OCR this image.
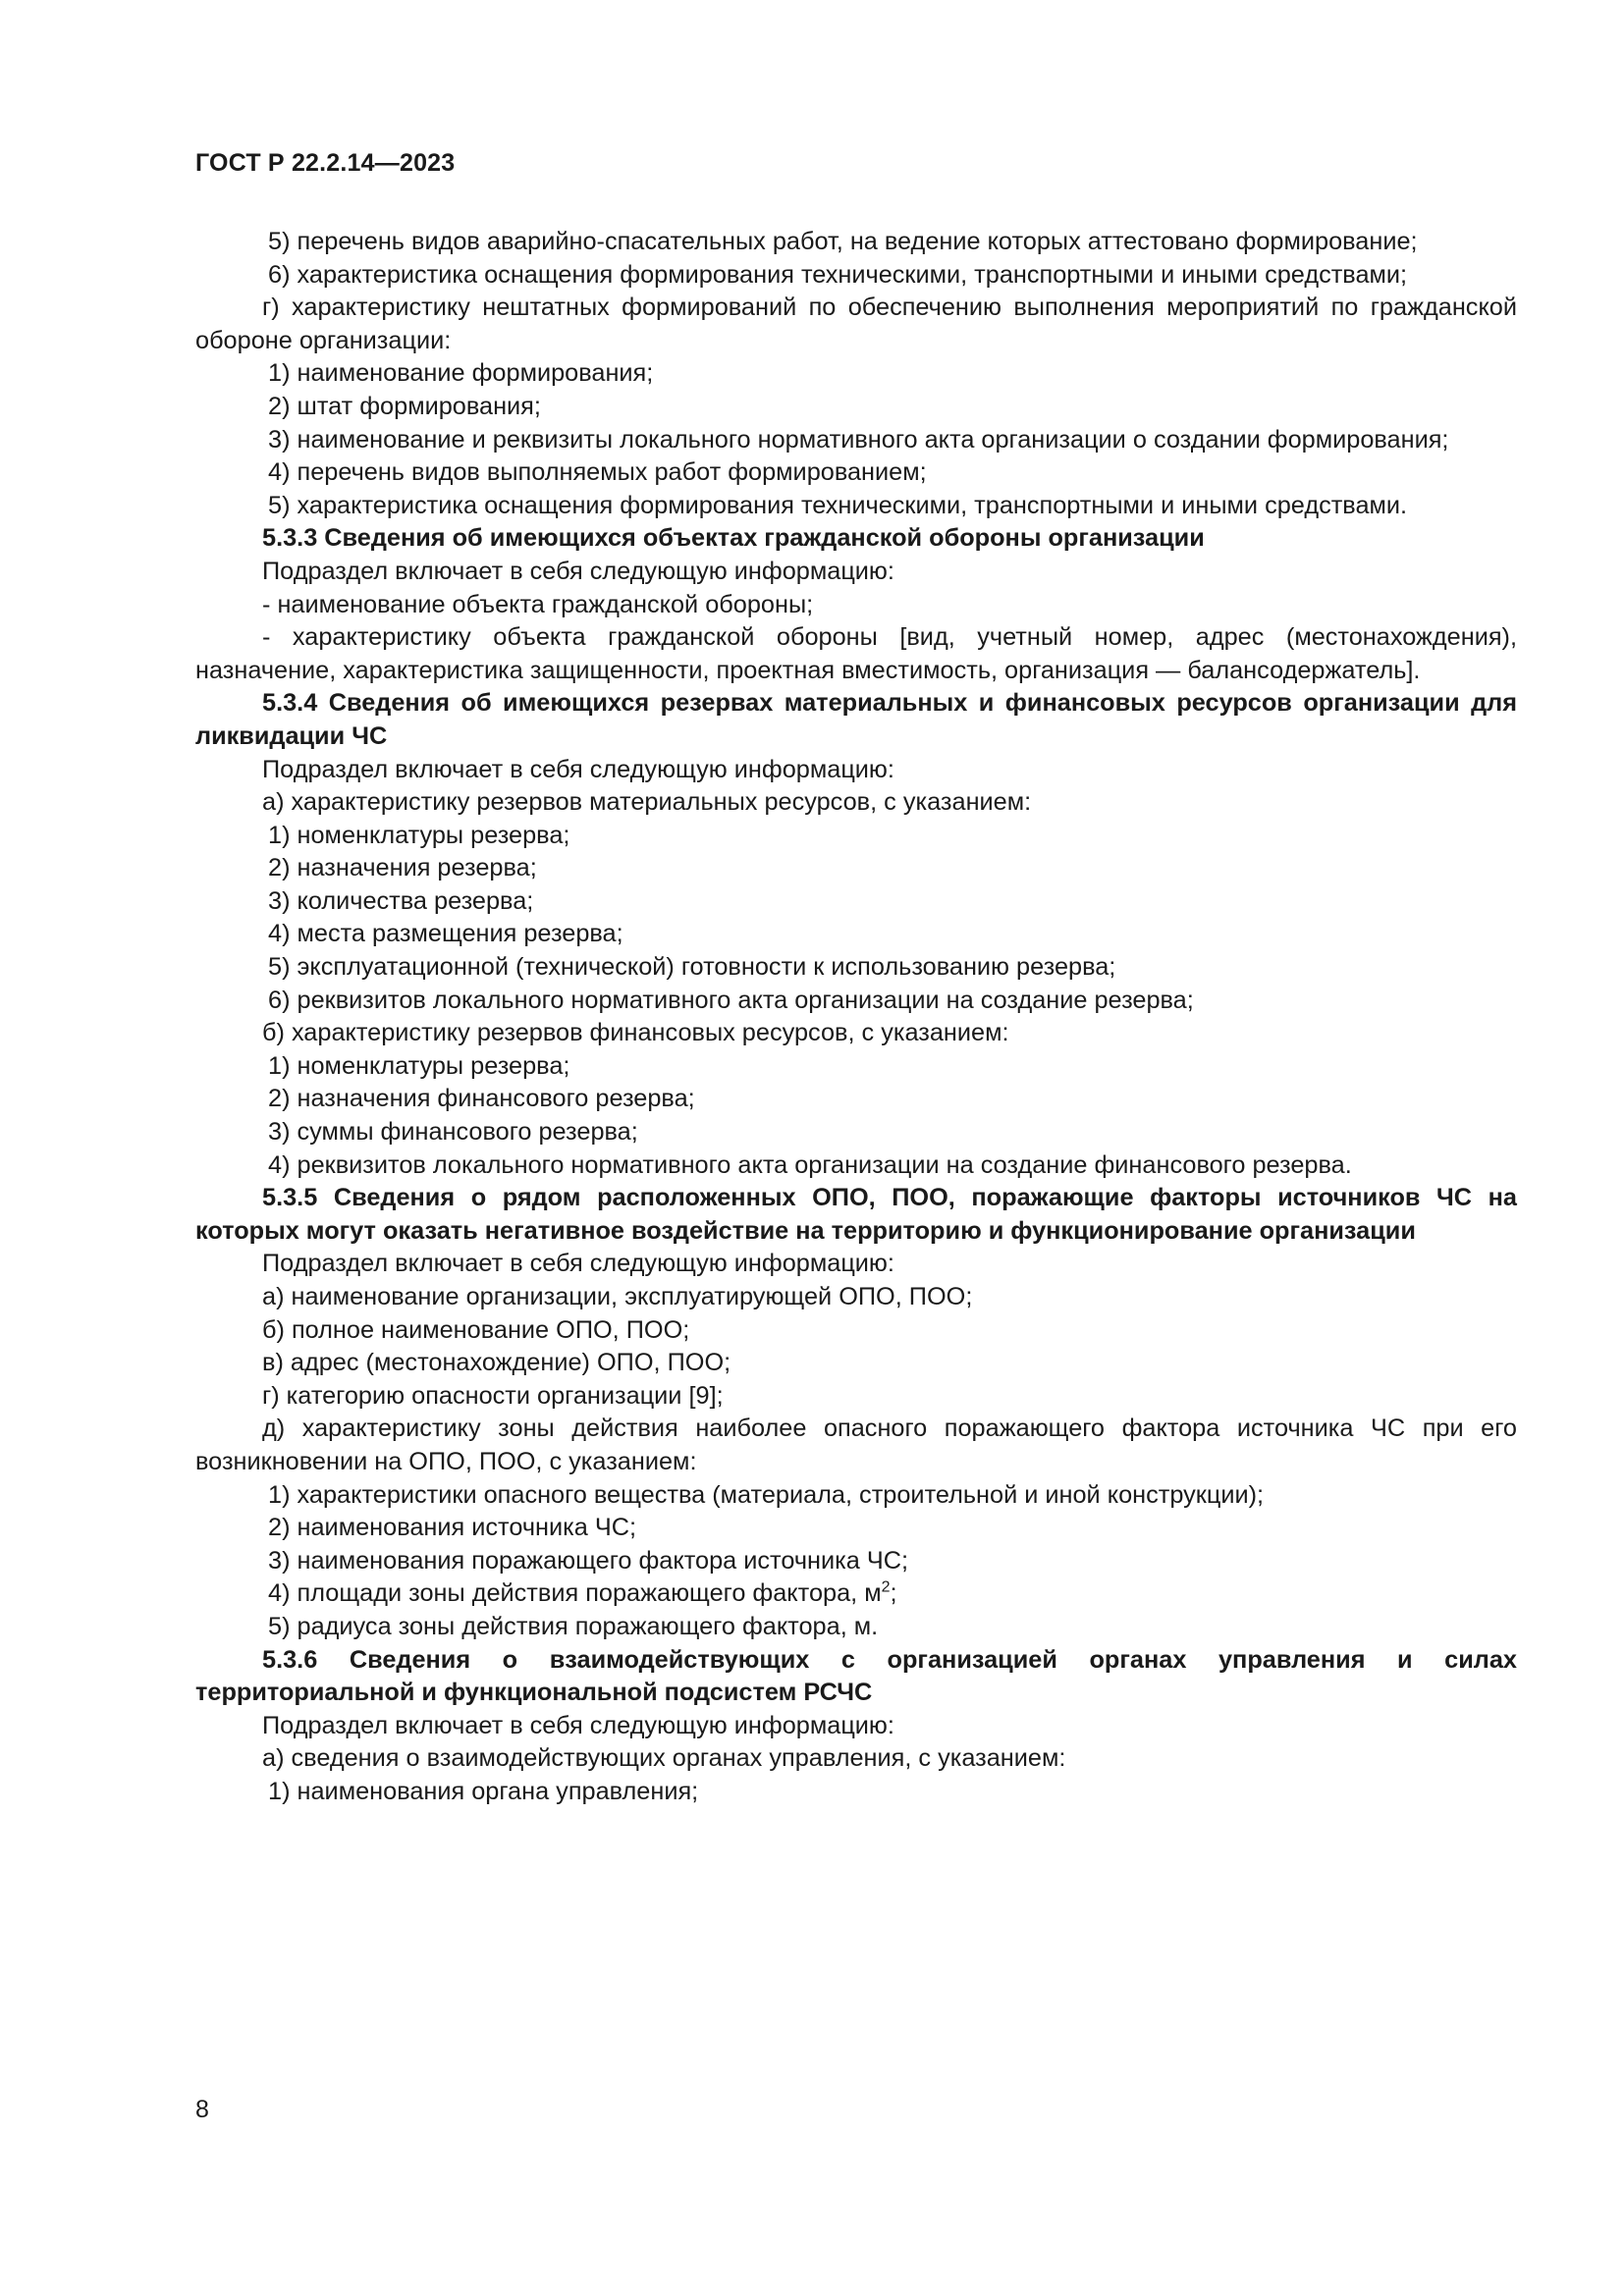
ГОСТ Р 22.2.14—2023

5) перечень видов аварийно-спасательных работ, на ведение которых аттестовано формирование;

6) характеристика оснащения формирования техническими, транспортными и иными средствами;

г) характеристику нештатных формирований по обеспечению выполнения мероприятий по гражданской обороне организации:

1) наименование формирования;

2) штат формирования;

3) наименование и реквизиты локального нормативного акта организации о создании формирования;

4) перечень видов выполняемых работ формированием;

5) характеристика оснащения формирования техническими, транспортными и иными средствами.

5.3.3 Сведения об имеющихся объектах гражданской обороны организации

Подраздел включает в себя следующую информацию:

- наименование объекта гражданской обороны;

- характеристику объекта гражданской обороны [вид, учетный номер, адрес (местонахождения), назначение, характеристика защищенности, проектная вместимость, организация — балансодержатель].

5.3.4 Сведения об имеющихся резервах материальных и финансовых ресурсов организации для ликвидации ЧС

Подраздел включает в себя следующую информацию:

а) характеристику резервов материальных ресурсов, с указанием:

1) номенклатуры резерва;

2) назначения резерва;

3) количества резерва;

4) места размещения резерва;

5) эксплуатационной (технической) готовности к использованию резерва;

6) реквизитов локального нормативного акта организации на создание резерва;

б) характеристику резервов финансовых ресурсов, с указанием:

1) номенклатуры резерва;

2) назначения финансового резерва;

3) суммы финансового резерва;

4) реквизитов локального нормативного акта организации на создание финансового резерва.

5.3.5 Сведения о рядом расположенных ОПО, ПОО, поражающие факторы источников ЧС на которых могут оказать негативное воздействие на территорию и функционирование организации

Подраздел включает в себя следующую информацию:

а) наименование организации, эксплуатирующей ОПО, ПОО;

б) полное наименование ОПО, ПОО;

в) адрес (местонахождение) ОПО, ПОО;

г) категорию опасности организации [9];

д) характеристику зоны действия наиболее опасного поражающего фактора источника ЧС при его возникновении на ОПО, ПОО, с указанием:

1) характеристики опасного вещества (материала, строительной и иной конструкции);

2) наименования источника ЧС;

3) наименования поражающего фактора источника ЧС;

4) площади зоны действия поражающего фактора, $м^2$;

5) радиуса зоны действия поражающего фактора, м.

5.3.6 Сведения о взаимодействующих с организацией органах управления и силах территориальной и функциональной подсистем РСЧС

Подраздел включает в себя следующую информацию:

а) сведения о взаимодействующих органах управления, с указанием:

1) наименования органа управления;

8
